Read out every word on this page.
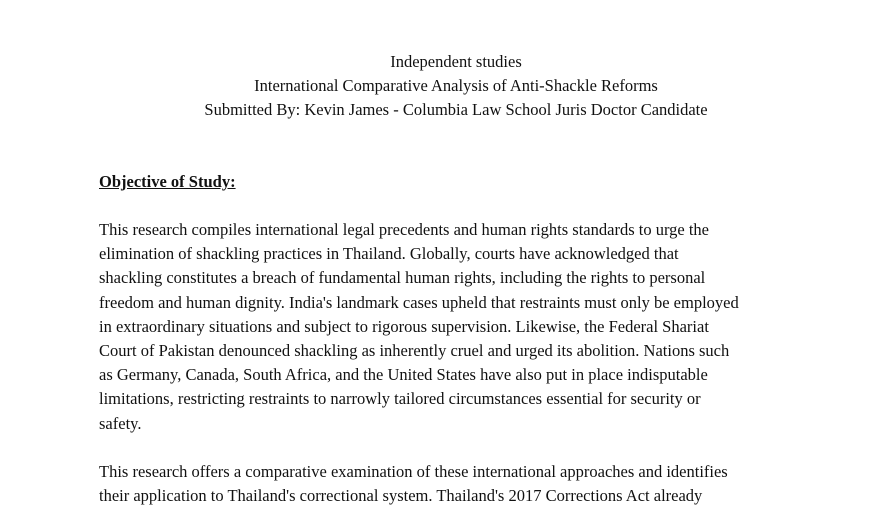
Independent studies
International Comparative Analysis of Anti-Shackle Reforms
Submitted By: Kevin James - Columbia Law School Juris Doctor Candidate
Objective of Study:
This research compiles international legal precedents and human rights standards to urge the
elimination of shackling practices in Thailand. Globally, courts have acknowledged that
shackling constitutes a breach of fundamental human rights, including the rights to personal
freedom and human dignity. India's landmark cases upheld that restraints must only be employed
in extraordinary situations and subject to rigorous supervision. Likewise, the Federal Shariat
Court of Pakistan denounced shackling as inherently cruel and urged its abolition. Nations such
as Germany, Canada, South Africa, and the United States have also put in place indisputable
limitations, restricting restraints to narrowly tailored circumstances essential for security or
safety.
This research offers a comparative examination of these international approaches and identifies
their application to Thailand's correctional system. Thailand's 2017 Corrections Act already
